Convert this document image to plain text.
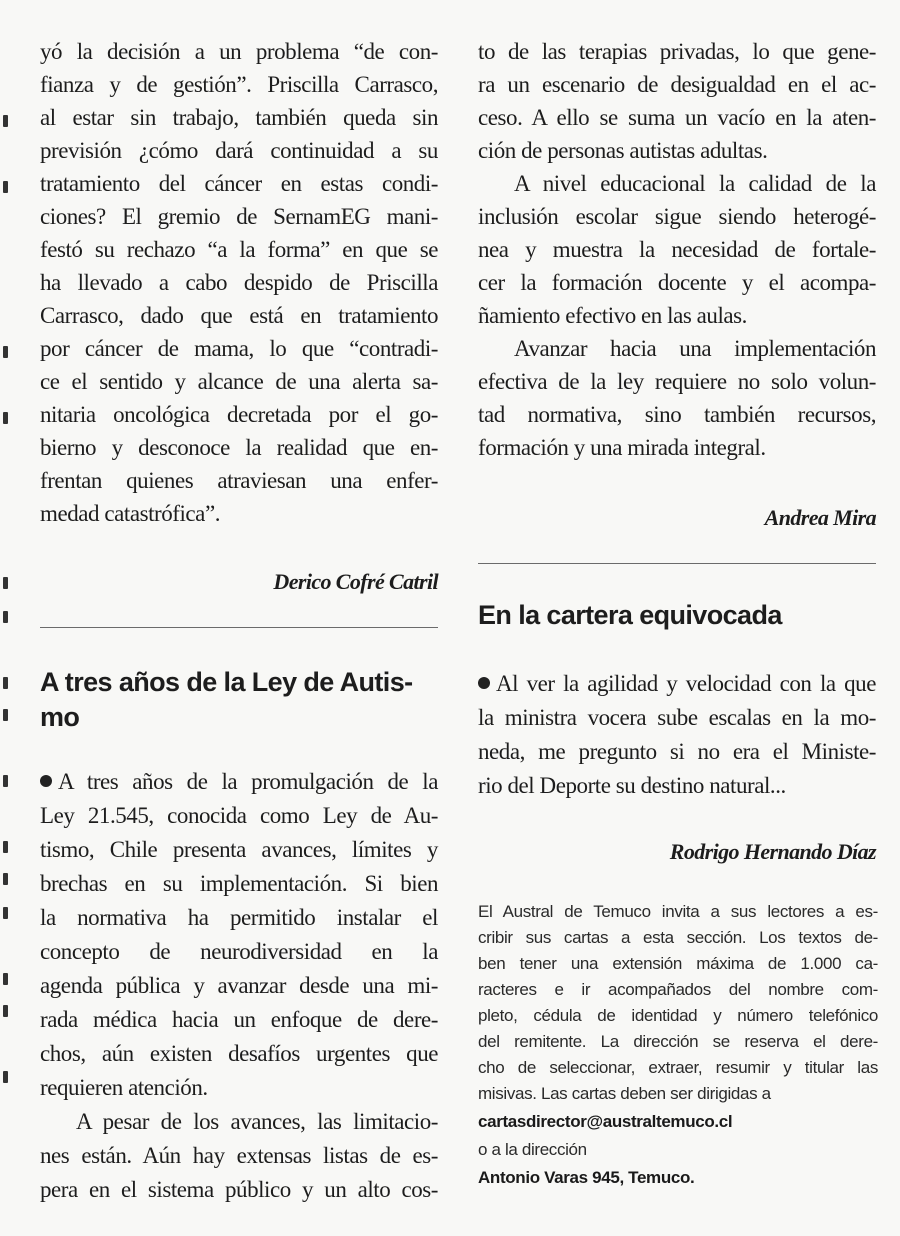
yó la decisión a un problema “de con-
fianza y de gestión”. Priscilla Carrasco,
al estar sin trabajo, también queda sin
previsión ¿cómo dará continuidad a su
tratamiento del cáncer en estas condi-
ciones? El gremio de SernamEG mani-
festó su rechazo “a la forma” en que se
ha llevado a cabo despido de Priscilla
Carrasco, dado que está en tratamiento
por cáncer de mama, lo que “contradi-
ce el sentido y alcance de una alerta sa-
nitaria oncológica decretada por el go-
bierno y desconoce la realidad que en-
frentan quienes atraviesan una enfer-
medad catastrófica”.
Derico Cofré Catril
A tres años de la Ley de Autis-
mo
A tres años de la promulgación de la
Ley 21.545, conocida como Ley de Au-
tismo, Chile presenta avances, límites y
brechas en su implementación. Si bien
la normativa ha permitido instalar el
concepto de neurodiversidad en la
agenda pública y avanzar desde una mi-
rada médica hacia un enfoque de dere-
chos, aún existen desafíos urgentes que
requieren atención.
A pesar de los avances, las limitacio-
nes están. Aún hay extensas listas de es-
pera en el sistema público y un alto cos-
to de las terapias privadas, lo que gene-
ra un escenario de desigualdad en el ac-
ceso. A ello se suma un vacío en la aten-
ción de personas autistas adultas.
A nivel educacional la calidad de la
inclusión escolar sigue siendo heterogé-
nea y muestra la necesidad de fortale-
cer la formación docente y el acompa-
ñamiento efectivo en las aulas.
Avanzar hacia una implementación
efectiva de la ley requiere no solo volun-
tad normativa, sino también recursos,
formación y una mirada integral.
Andrea Mira
En la cartera equivocada
Al ver la agilidad y velocidad con la que
la ministra vocera sube escalas en la mo-
neda, me pregunto si no era el Ministe-
rio del Deporte su destino natural...
Rodrigo Hernando Díaz
El Austral de Temuco invita a sus lectores a es-
cribir sus cartas a esta sección. Los textos de-
ben tener una extensión máxima de 1.000 ca-
racteres e ir acompañados del nombre com-
pleto, cédula de identidad y número telefónico
del remitente. La dirección se reserva el dere-
cho de seleccionar, extraer, resumir y titular las
misivas. Las cartas deben ser dirigidas a
cartasdirector@australtemuco.cl
o a la dirección
Antonio Varas 945, Temuco.
